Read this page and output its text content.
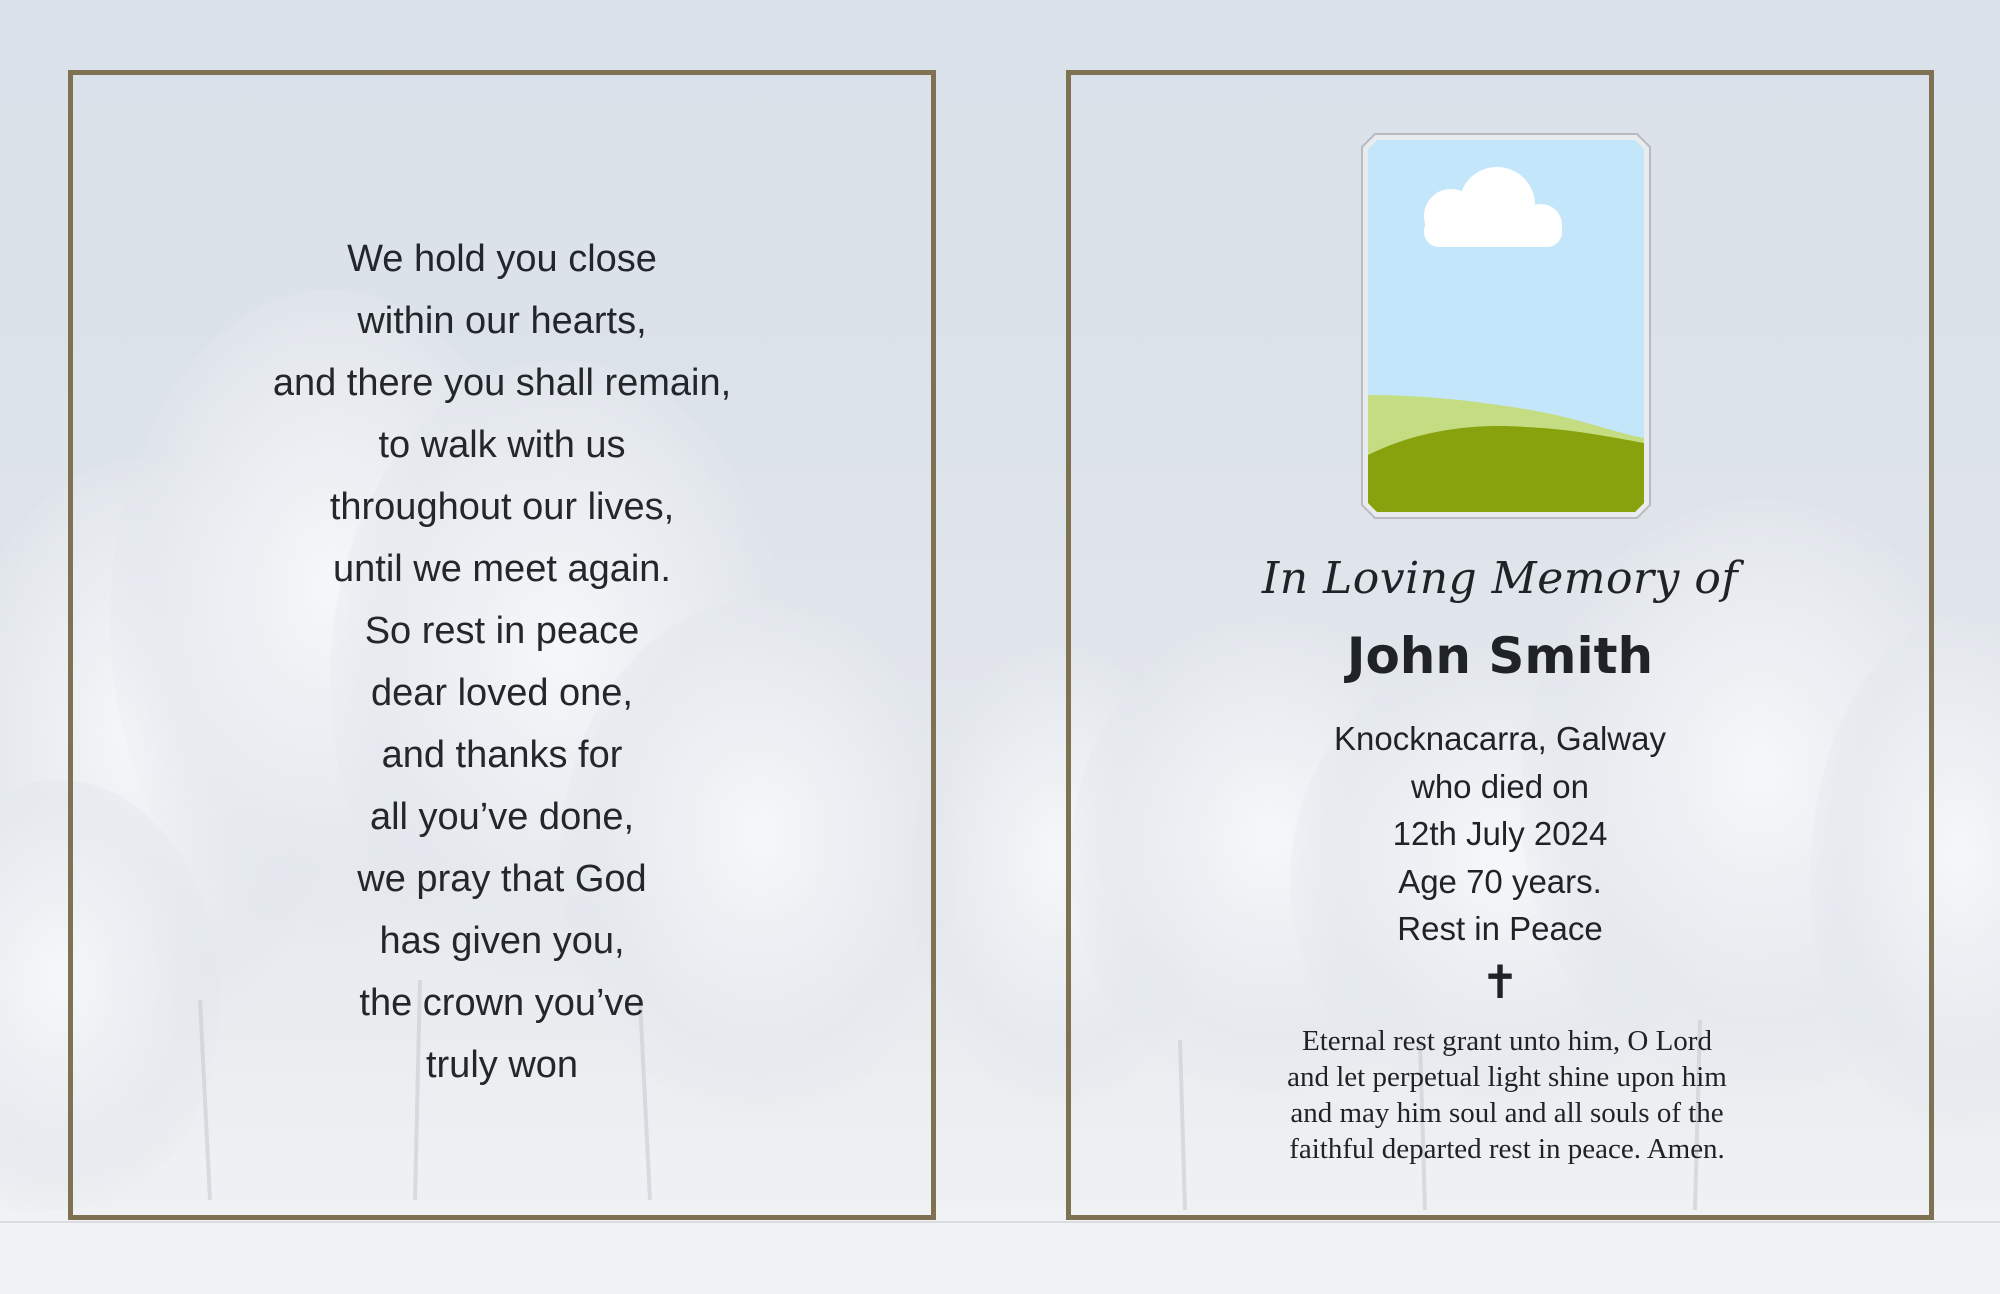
We hold you close
within our hearts,
and there you shall remain,
to walk with us
throughout our lives,
until we meet again.
So rest in peace
dear loved one,
and thanks for
all you’ve done,
we pray that God
has given you,
the crown you’ve
truly won
In Loving Memory of
John Smith
Knocknacarra, Galway
who died on
12th July 2024
Age 70 years.
Rest in Peace
✝
Eternal rest grant unto him, O Lord
and let perpetual light shine upon him
and may him soul and all souls of the
faithful departed rest in peace. Amen.
